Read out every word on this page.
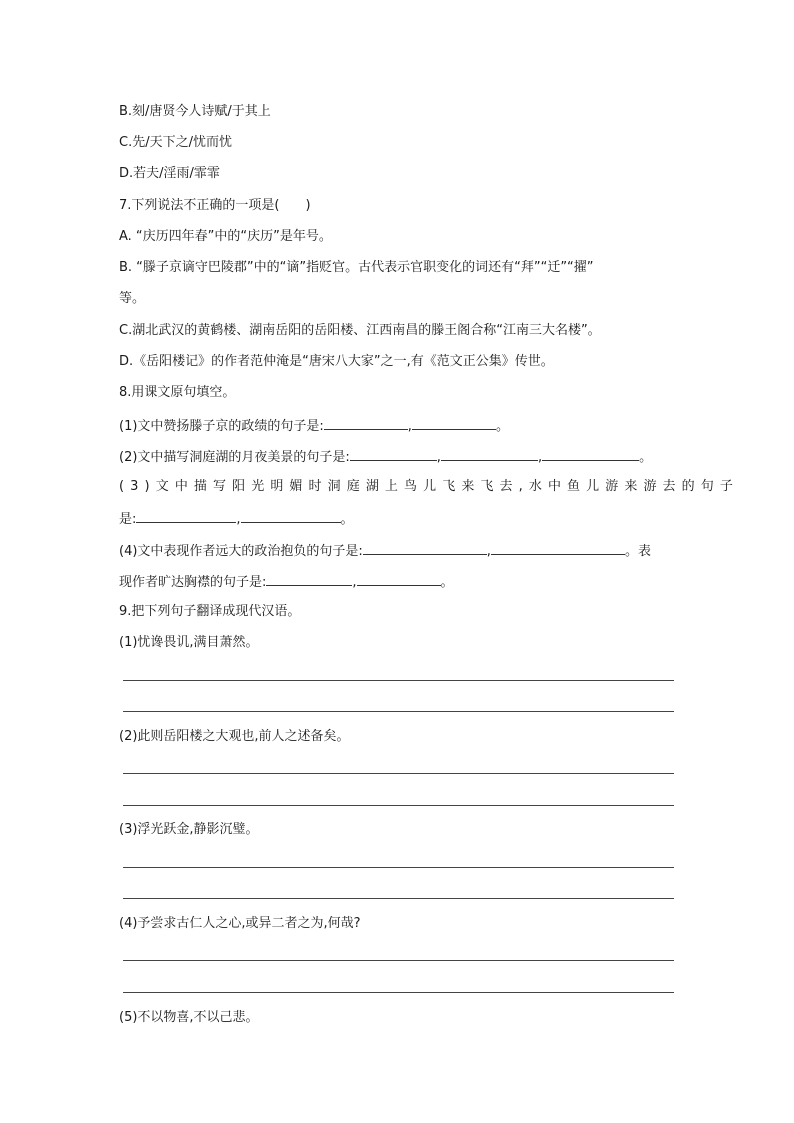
B.刻/唐贤今人诗赋/于其上
C.先/天下之/忧而忧
D.若夫/淫雨/霏霏
7.下列说法不正确的一项是(　　)
A. “庆历四年春”中的“庆历”是年号。
B. “滕子京谪守巴陵郡”中的“谪”指贬官。古代表示官职变化的词还有“拜”“迁”“擢”
等。
C.湖北武汉的黄鹤楼、湖南岳阳的岳阳楼、江西南昌的滕王阁合称“江南三大名楼”。
D.《岳阳楼记》的作者范仲淹是“唐宋八大家”之一,有《范文正公集》传世。
8.用课文原句填空。
(1)文中赞扬滕子京的政绩的句子是:	,	。
(2)文中描写洞庭湖的月夜美景的句子是:	,	,	。
(3)文中描写阳光明媚时洞庭湖上鸟儿飞来飞去,水中鱼儿游来游去的句子
是:	,	。
(4)文中表现作者远大的政治抱负的句子是:	,	。表
现作者旷达胸襟的句子是:	,	。
9.把下列句子翻译成现代汉语。
(1)忧谗畏讥,满目萧然。
(2)此则岳阳楼之大观也,前人之述备矣。
(3)浮光跃金,静影沉璧。
(4)予尝求古仁人之心,或异二者之为,何哉?
(5)不以物喜,不以己悲。
